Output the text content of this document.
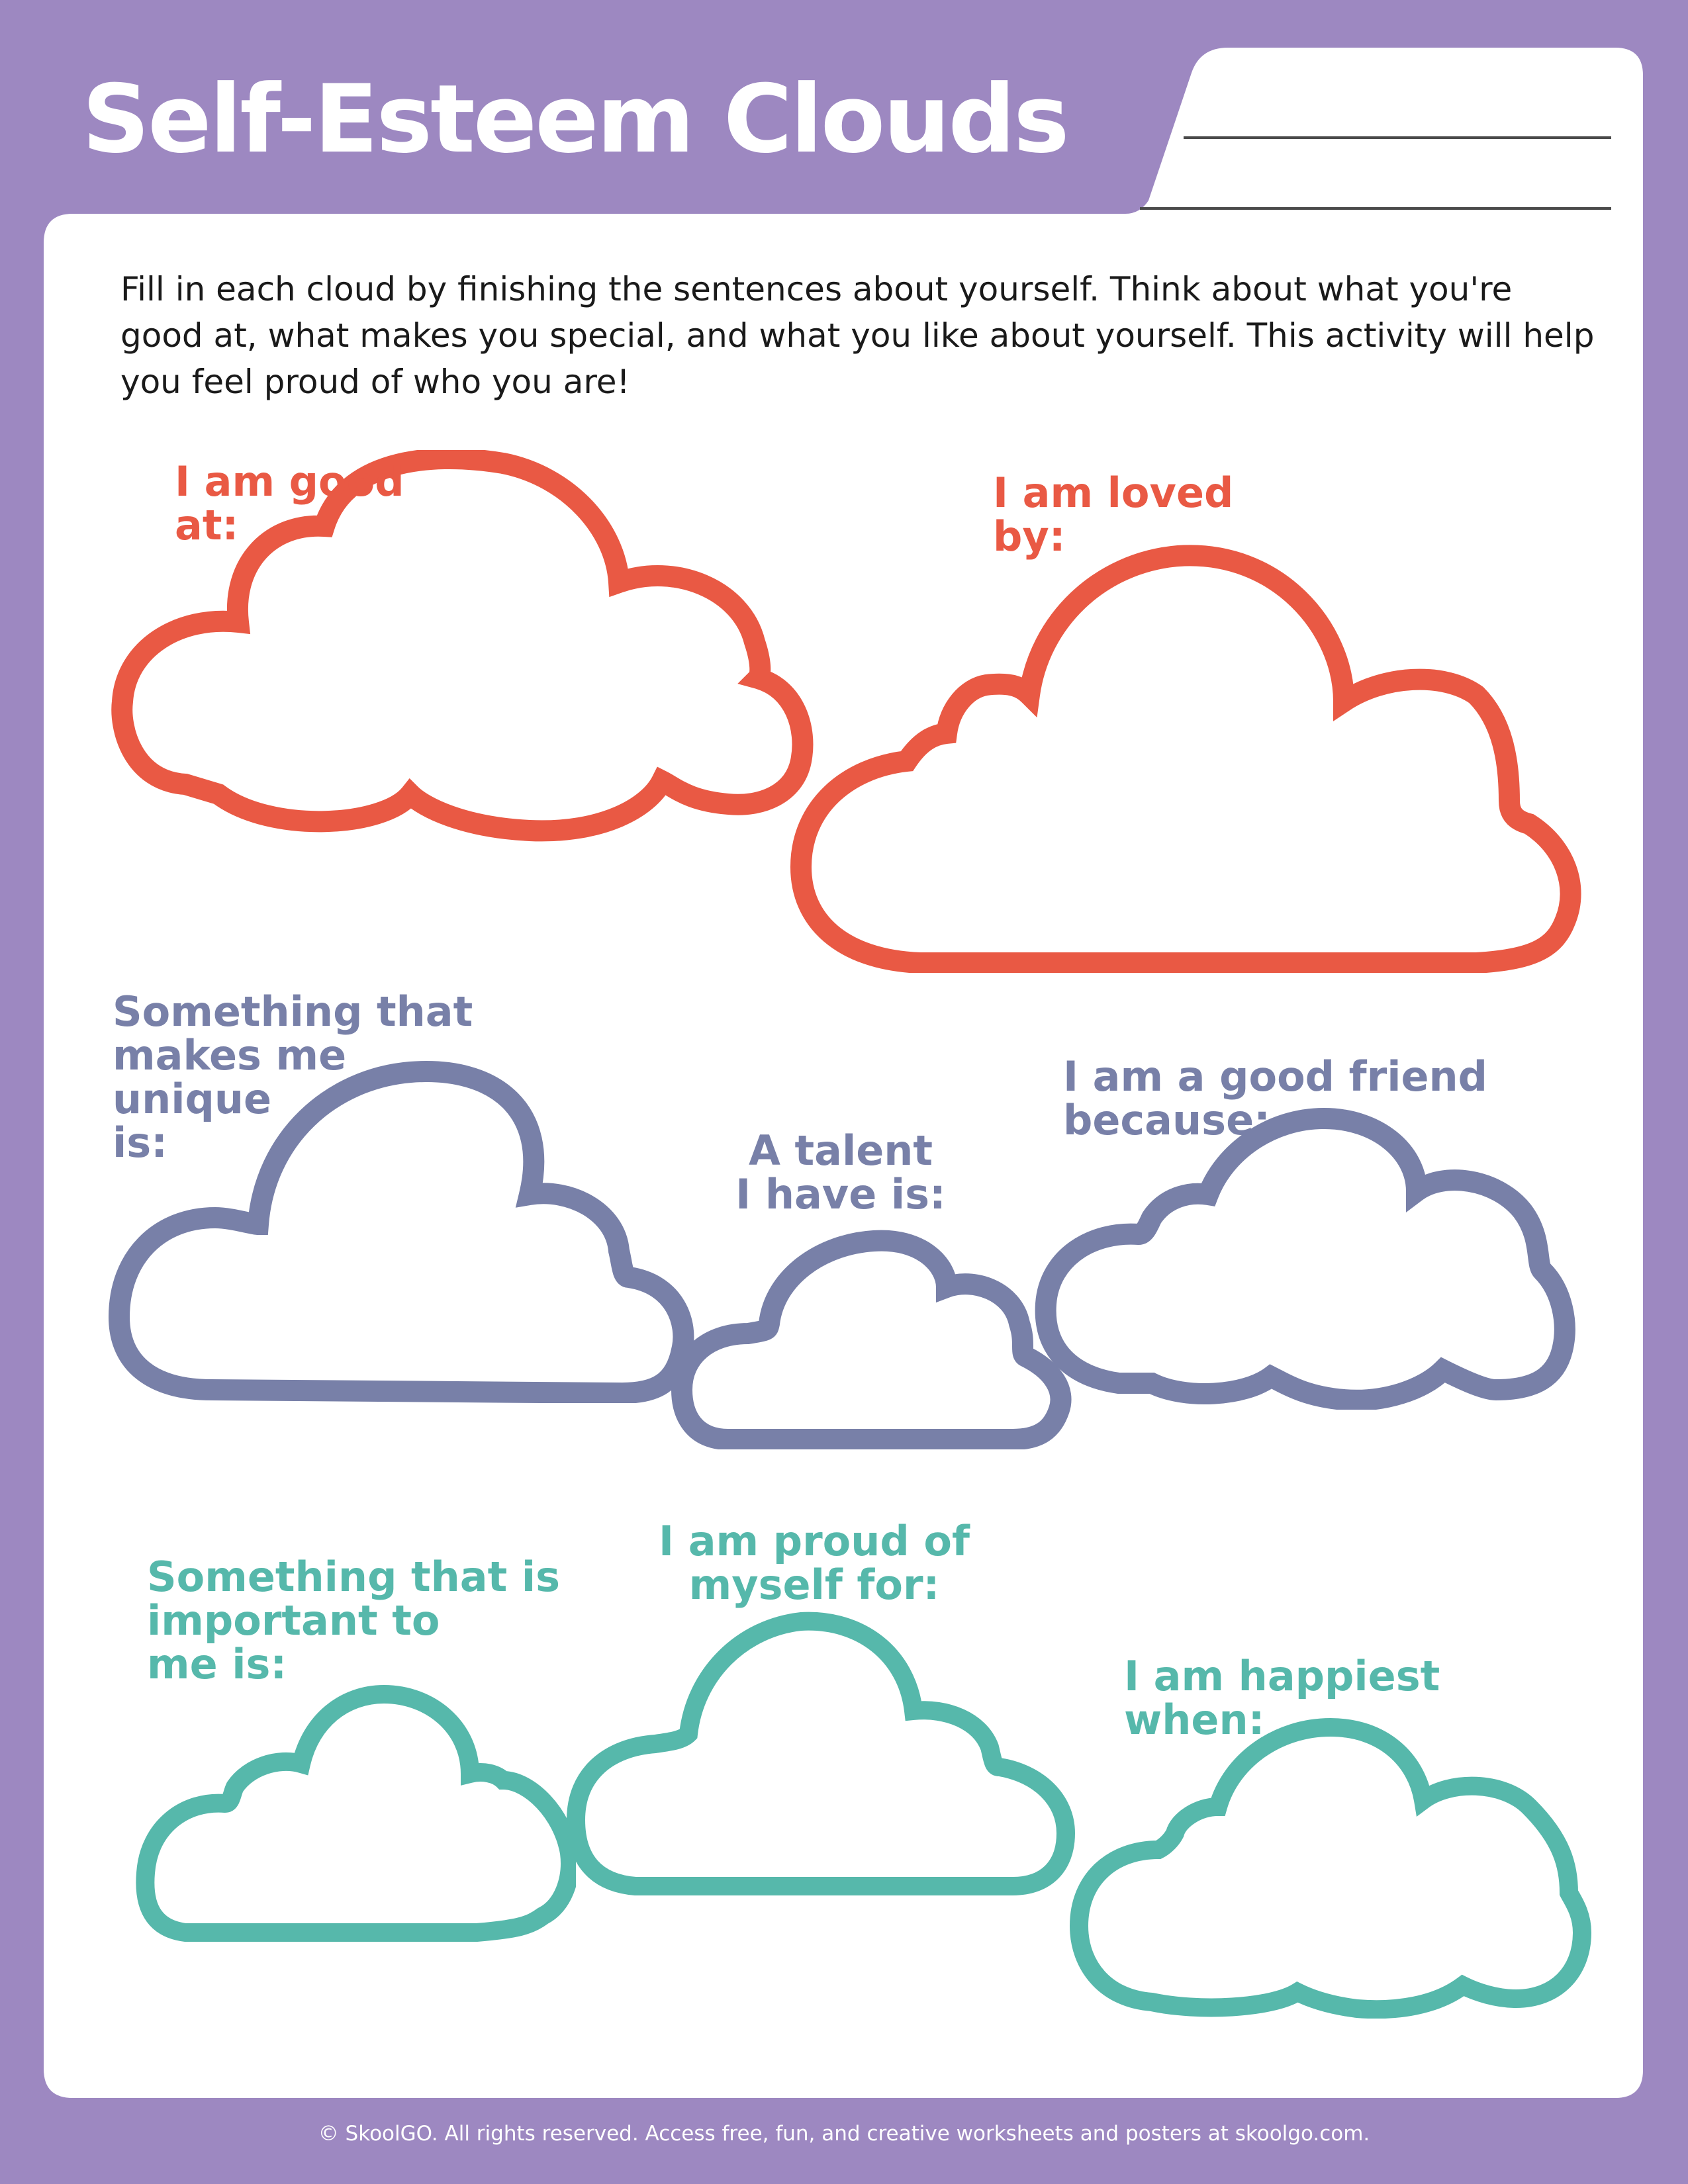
Self-Esteem Clouds
Fill in each cloud by finishing the sentences about yourself. Think about what you're good at, what makes you special, and what you like about yourself. This activity will help you feel proud of who you are!
I am good
at:
I am loved
by:
Something that
makes me
unique
is:	A talent
I have is:
I am a good friend
because:
Something that is
important to
me is:
I am proud of
myself for:
I am happiest
when:
© SkoolGO. All rights reserved. Access free, fun, and creative worksheets and posters at skoolgo.com.
